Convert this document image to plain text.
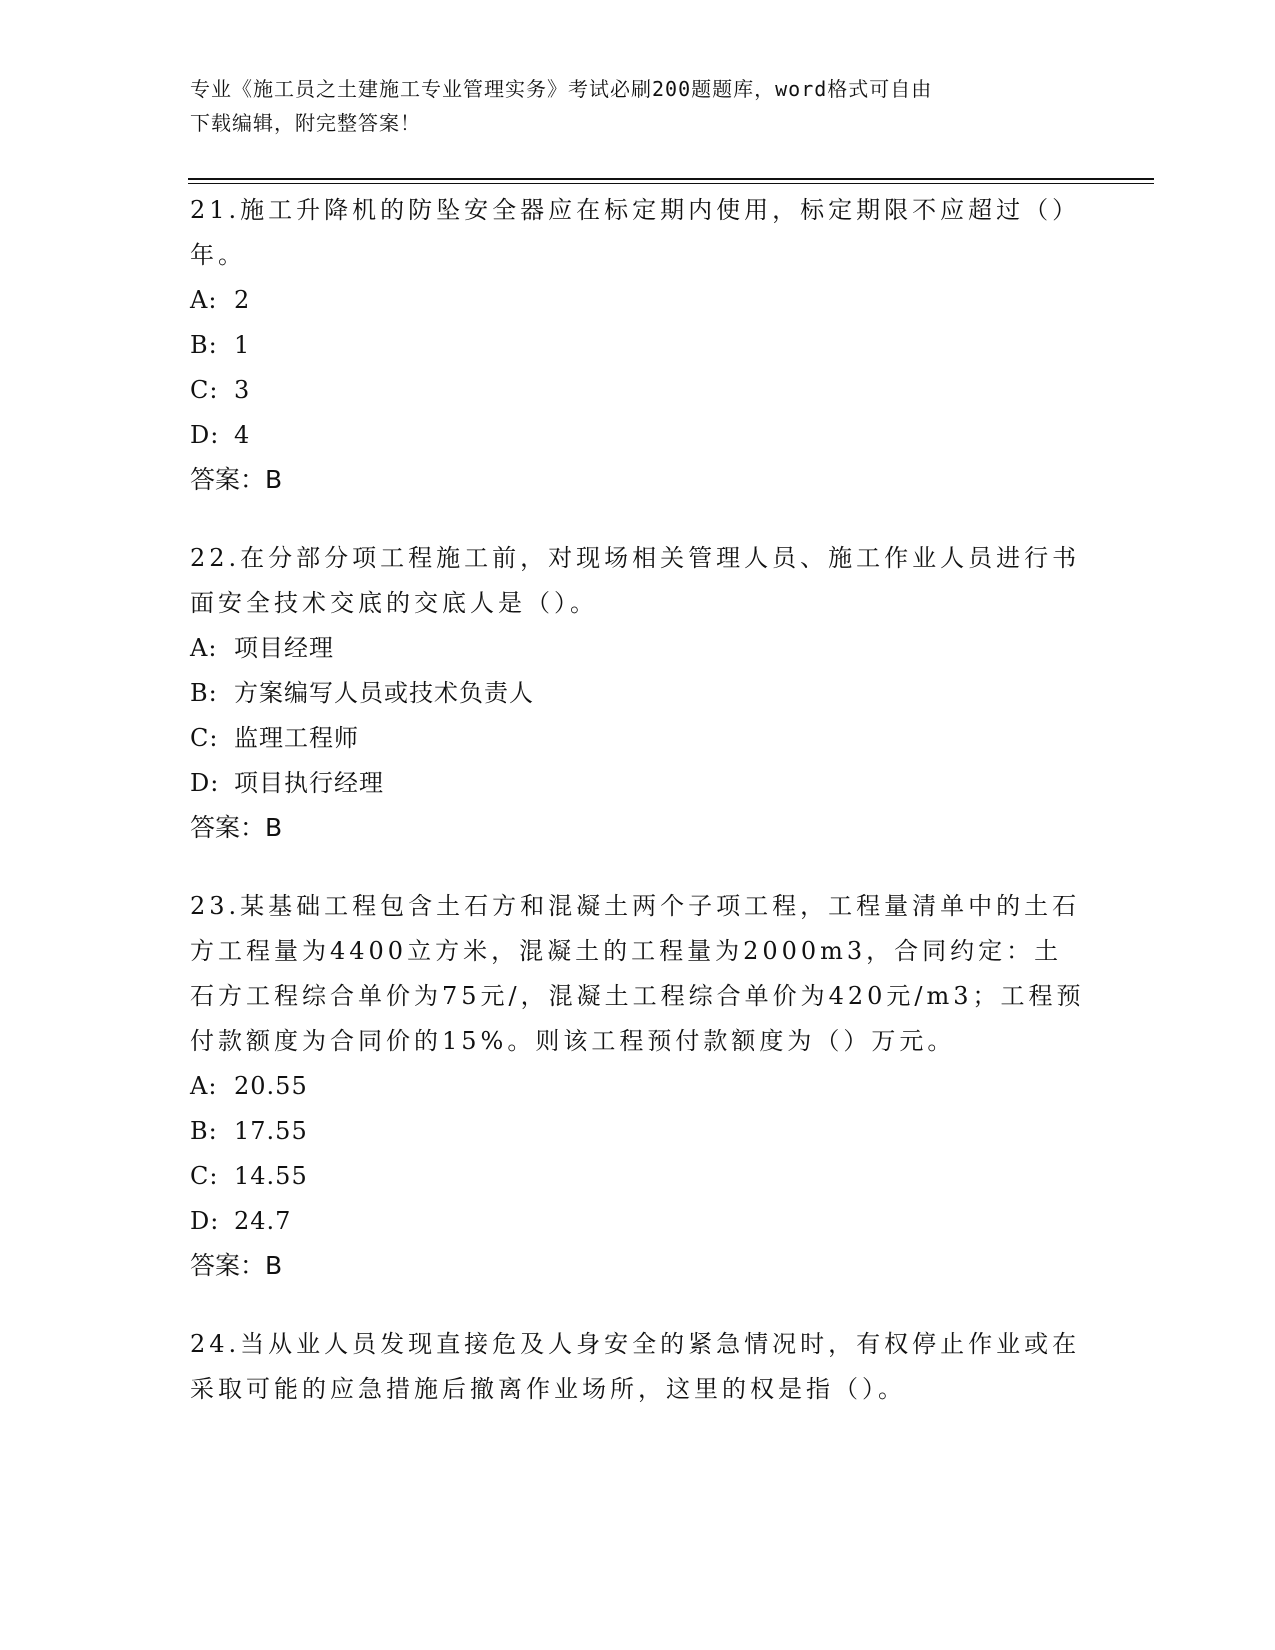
专业《施工员之土建施工专业管理实务》考试必刷200题题库，word格式可自由
下载编辑，附完整答案！

21.施工升降机的防坠安全器应在标定期内使用，标定期限不应超过（）年。

A: 2

B: 1

C: 3

D: 4

答案：B

22.在分部分项工程施工前，对现场相关管理人员、施工作业人员进行书面安全技术交底的交底人是（）。

A: 项目经理

B: 方案编写人员或技术负责人

C: 监理工程师

D: 项目执行经理

答案：B

23.某基础工程包含土石方和混凝土两个子项工程，工程量清单中的土石方工程量为4400立方米，混凝土的工程量为2000m3，合同约定：土石方工程综合单价为75元/，混凝土工程综合单价为420元/m3；工程预付款额度为合同价的15%。则该工程预付款额度为（）万元。

A: 20.55

B: 17.55

C: 14.55

D: 24.7

答案：B

24.当从业人员发现直接危及人身安全的紧急情况时，有权停止作业或在采取可能的应急措施后撤离作业场所，这里的权是指（）。
